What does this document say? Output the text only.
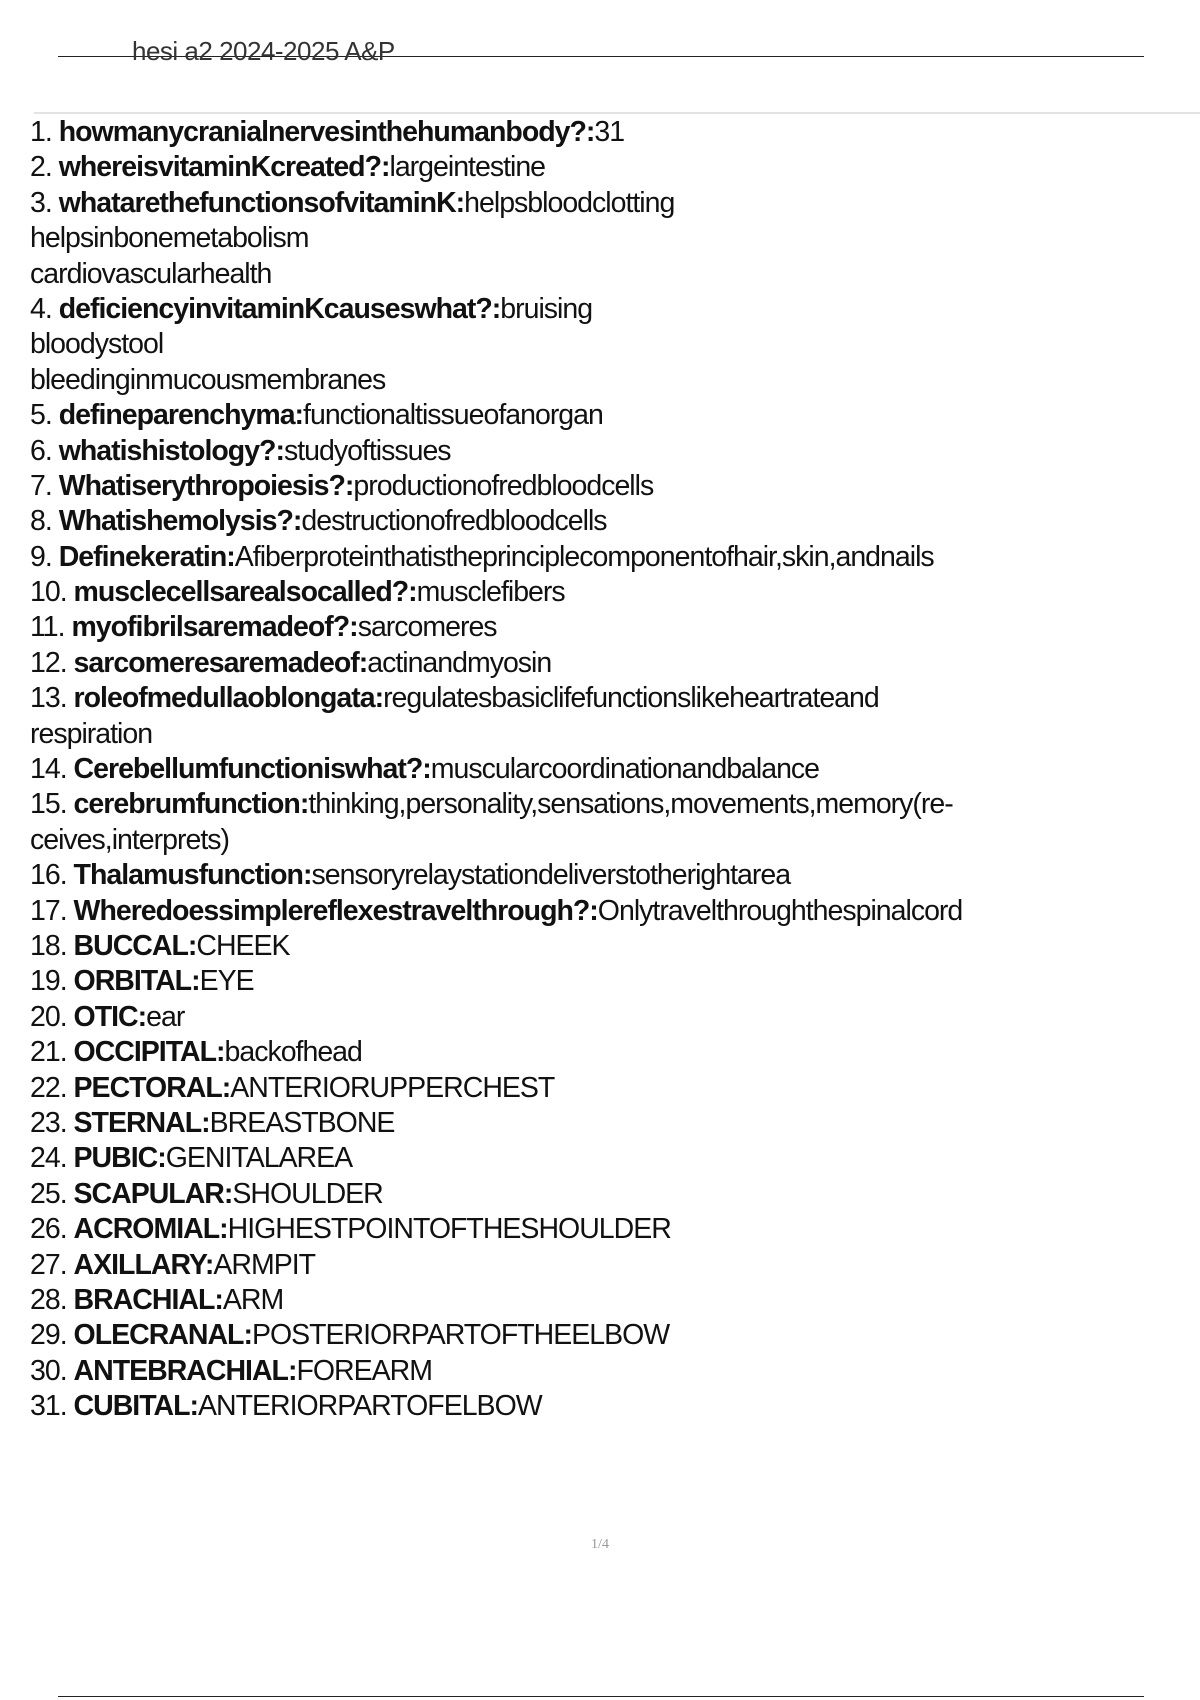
hesi a2 2024-2025 A&P
1. howmanycranialnervesinthehumanbody?:31
2. whereisvitaminKcreated?:largeintestine
3. whatarethefunctionsofvitaminK:helpsbloodclotting
helpsinbonemetabolism
cardiovascularhealth
4. deficiencyinvitaminKcauseswhat?:bruising
bloodystool
bleedinginmucousmembranes
5. defineparenchyma:functionaltissueofanorgan
6. whatishistology?:studyoftissues
7. Whatiserythropoiesis?:productionofredbloodcells
8. Whatishemolysis?:destructionofredbloodcells
9. Definekeratin:Afiberproteinthatistheprinciplecomponentofhair,skin,andnails
10. musclecellsarealsocalled?:musclefibers
11. myofibrilsaremadeof?:sarcomeres
12. sarcomeresaremadeof:actinandmyosin
13. roleofmedullaoblongata:regulatesbasiclifefunctionslikeheartrateand
respiration
14. Cerebellumfunctioniswhat?:muscularcoordinationandbalance
15. cerebrumfunction:thinking,personality,sensations,movements,memory(re-
ceives,interprets)
16. Thalamusfunction:sensoryrelaystationdeliverstotherightarea
17. Wheredoessimplereflexestravelthrough?:Onlytravelthroughthespinalcord
18. BUCCAL:CHEEK
19. ORBITAL:EYE
20. OTIC:ear
21. OCCIPITAL:backofhead
22. PECTORAL:ANTERIORUPPERCHEST
23. STERNAL:BREASTBONE
24. PUBIC:GENITALAREA
25. SCAPULAR:SHOULDER
26. ACROMIAL:HIGHESTPOINTOFTHESHOULDER
27. AXILLARY:ARMPIT
28. BRACHIAL:ARM
29. OLECRANAL:POSTERIORPARTOFTHEELBOW
30. ANTEBRACHIAL:FOREARM
31. CUBITAL:ANTERIORPARTOFELBOW
1/4
